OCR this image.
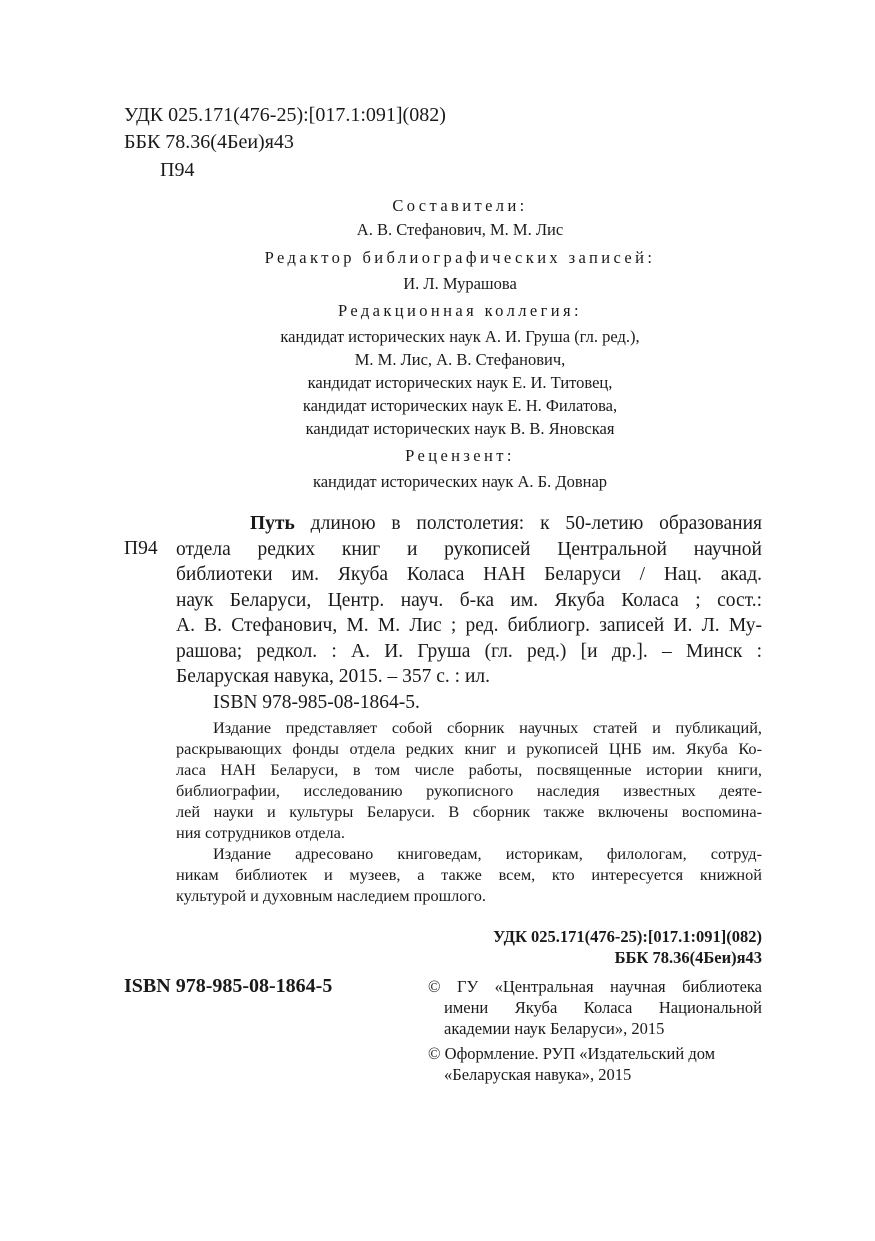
УДК 025.171(476-25):[017.1:091](082)
ББК 78.36(4Беи)я43
П94
Составители:
А. В. Стефанович, М. М. Лис
Редактор библиографических записей:
И. Л. Мурашова
Редакционная коллегия:
кандидат исторических наук А. И. Груша (гл. ред.),
М. М. Лис, А. В. Стефанович,
кандидат исторических наук Е. И. Титовец,
кандидат исторических наук Е. Н. Филатова,
кандидат исторических наук В. В. Яновская
Рецензент:
кандидат исторических наук А. Б. Довнар
П94
Путь длиною в полстолетия: к 50-летию образования
отдела редких книг и рукописей Центральной научной
библиотеки им. Якуба Коласа НАН Беларуси / Нац. акад.
наук Беларуси, Центр. науч. б-ка им. Якуба Коласа ; сост.:
А. В. Стефанович, М. М. Лис ; ред. библиогр. записей И. Л. Му-
рашова; редкол. : А. И. Груша (гл. ред.) [и др.]. – Минск :
Беларуская навука, 2015. – 357 с. : ил.
ISBN 978-985-08-1864-5.
Издание представляет собой сборник научных статей и публикаций,
раскрывающих фонды отдела редких книг и рукописей ЦНБ им. Якуба Ко-
ласа НАН Беларуси, в том числе работы, посвященные истории книги,
библиографии, исследованию рукописного наследия известных деяте-
лей науки и культуры Беларуси. В сборник также включены воспомина-
ния сотрудников отдела.
Издание адресовано книговедам, историкам, филологам, сотруд-
никам библиотек и музеев, а также всем, кто интересуется книжной
культурой и духовным наследием прошлого.
УДК 025.171(476-25):[017.1:091](082)
ББК 78.36(4Беи)я43
ISBN 978-985-08-1864-5	© ГУ «Центральная научная библиотека
имени Якуба Коласа Национальной
академии наук Беларуси», 2015
© Оформление. РУП «Издательский дом
«Беларуская навука», 2015
